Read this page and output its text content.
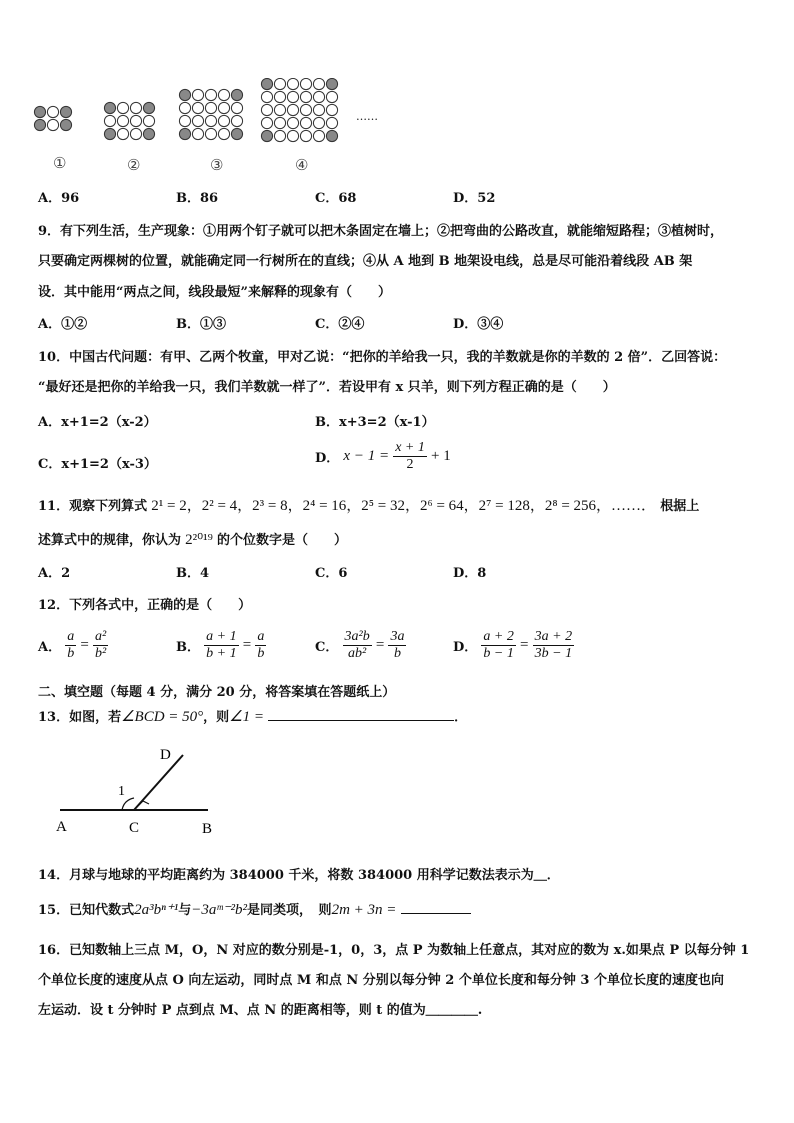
①	②	③	④
……
A．96	B．86	C．68	D．52
9．有下列生活，生产现象：①用两个钉子就可以把木条固定在墙上；②把弯曲的公路改直，就能缩短路程；③植树时，
只要确定两棵树的位置，就能确定同一行树所在的直线；④从 A 地到 B 地架设电线，总是尽可能沿着线段 AB 架
设．其中能用“两点之间，线段最短”来解释的现象有（　　）
A．①②	B．①③	C．②④	D．③④
10．中国古代问题：有甲、乙两个牧童，甲对乙说：“把你的羊给我一只，我的羊数就是你的羊数的 2 倍”．乙回答说：
“最好还是把你的羊给我一只，我们羊数就一样了”．若设甲有 x 只羊，则下列方程正确的是（　　）
A．x+1=2（x-2）	B．x+3=2（x-1）
C．x+1=2（x-3）	D． $x - 1 = \frac{x + 1}{2} + 1$
11．观察下列算式 2¹ = 2，2² = 4，2³ = 8，2⁴ = 16，2⁵ = 32，2⁶ = 64，2⁷ = 128，2⁸ = 256，……． 根据上
述算式中的规律，你认为 2²⁰¹⁹ 的个位数字是（　　）
A．2	B．4	C．6	D．8
12．下列各式中，正确的是（　　）
A． $\frac{a}{b} = \frac{\text{a²}}{\text{b²}}$	B． $\frac{a + 1}{b + 1} = \frac{a}{b}$	C． $\frac{\text{3a²b}}{\text{ab²}} = \frac{3a}{b}$	D． $\frac{a + 2}{b - 1} = \frac{3a + 2}{3b - 1}$
二、填空题（每题 4 分，满分 20 分，将答案填在答题纸上）
13．如图，若∠BCD = 50°，则∠1 =	．
D
1
A	C	B
14．月球与地球的平均距离约为 384000 千米，将数 384000 用科学记数法表示为＿．
15．已知代数式2a³bⁿ⁺¹与−3aᵐ⁻²b²是同类项，　则2m + 3n =
16．已知数轴上三点 M，O，N 对应的数分别是-1，0，3，点 P 为数轴上任意点，其对应的数为 x.如果点 P 以每分钟 1
个单位长度的速度从点 O 向左运动，同时点 M 和点 N 分别以每分钟 2 个单位长度和每分钟 3 个单位长度的速度也向
左运动．设 t 分钟时 P 点到点 M、点 N 的距离相等，则 t 的值为＿＿＿＿.
